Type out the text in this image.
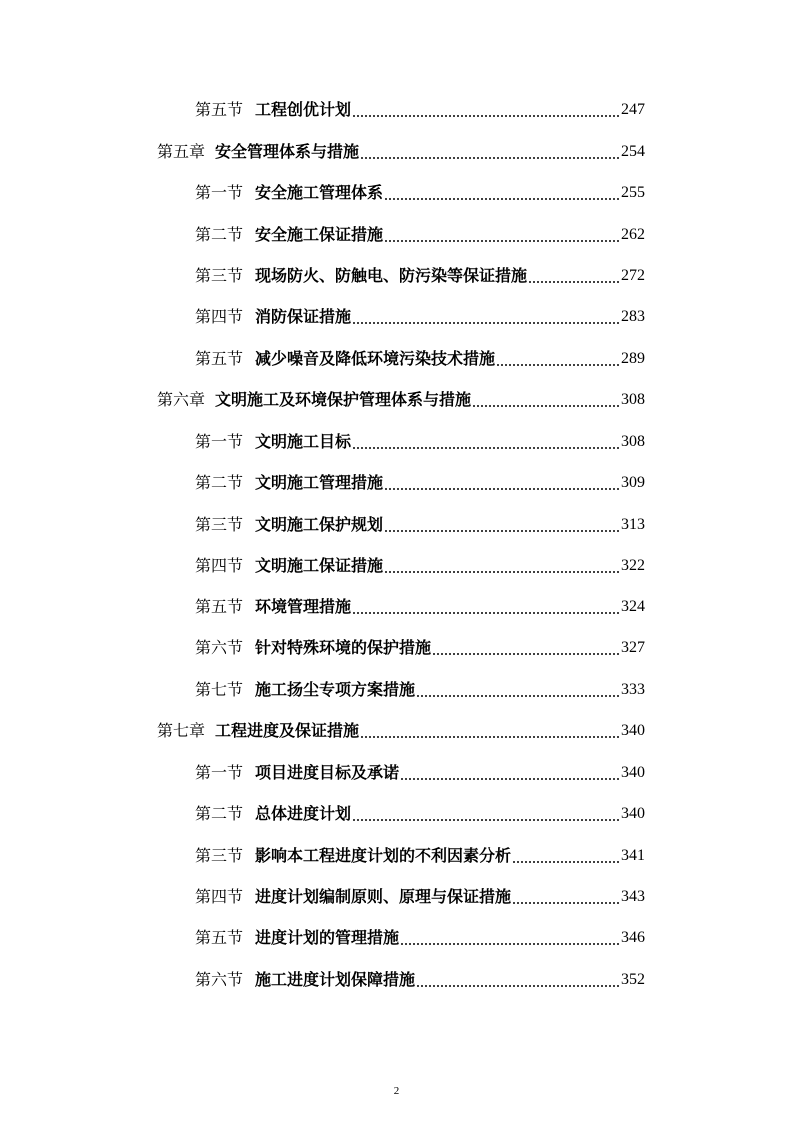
第五节 工程创优计划	247
第五章 安全管理体系与措施	254
第一节 安全施工管理体系	255
第二节 安全施工保证措施	262
第三节 现场防火、防触电、防污染等保证措施	272
第四节 消防保证措施	283
第五节 减少噪音及降低环境污染技术措施	289
第六章 文明施工及环境保护管理体系与措施	308
第一节 文明施工目标	308
第二节 文明施工管理措施	309
第三节 文明施工保护规划	313
第四节 文明施工保证措施	322
第五节 环境管理措施	324
第六节 针对特殊环境的保护措施	327
第七节 施工扬尘专项方案措施	333
第七章 工程进度及保证措施	340
第一节 项目进度目标及承诺	340
第二节 总体进度计划	340
第三节 影响本工程进度计划的不利因素分析	341
第四节 进度计划编制原则、原理与保证措施	343
第五节 进度计划的管理措施	346
第六节 施工进度计划保障措施	352
2
